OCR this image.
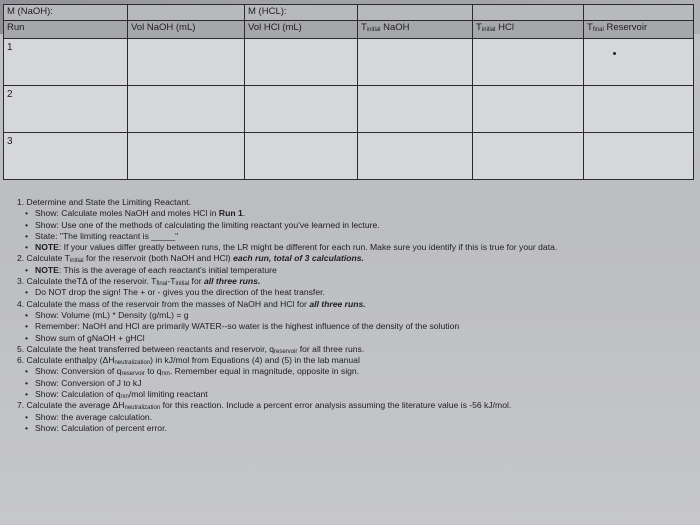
M (NaOH):		M (HCL):			
Run	Vol NaOH (mL)	Vol HCl (mL)	$T_{initial}$ NaOH	$T_{initial}$ HCl	$T_{final}$ Reservoir
1					
2					
3					
1. Determine and State the Limiting Reactant.
• Show: Calculate moles NaOH and moles HCl in Run 1.
• Show: Use one of the methods of calculating the limiting reactant you've learned in lecture.
• State: "The limiting reactant is _____"
• NOTE: If your values differ greatly between runs, the LR might be different for each run. Make sure you identify if this is true for your data.
2. Calculate $T_{initial}$ for the reservoir (both NaOH and HCl) each run, total of 3 calculations.
• NOTE: This is the average of each reactant's initial temperature
3. Calculate theTΔ of the reservoir. $T_{final}-T_{initial}$ for all three runs.
• Do NOT drop the sign! The + or - gives you the direction of the heat transfer.
4. Calculate the mass of the reservoir from the masses of NaOH and HCl for all three runs.
• Show: Volume (mL) * Density (g/mL) = g
• Remember: NaOH and HCl are primarily WATER--so water is the highest influence of the density of the solution
• Show sum of gNaOH + gHCl
5. Calculate the heat transferred between reactants and reservoir, $q_{reservoir}$ for all three runs.
6. Calculate enthalpy $(\Delta H_{neutralization})$ in kJ/mol from Equations (4) and (5) in the lab manual
• Show: Conversion of $q_{reservoir}$ to $q_{rxn}$. Remember equal in magnitude, opposite in sign.
• Show: Conversion of J to kJ
• Show: Calculation of $q_{rxn}$/mol limiting reactant
7. Calculate the average $\Delta H_{neutralization}$ for this reaction. Include a percent error analysis assuming the literature value is -56 kJ/mol.
• Show: the average calculation.
• Show: Calculation of percent error.
